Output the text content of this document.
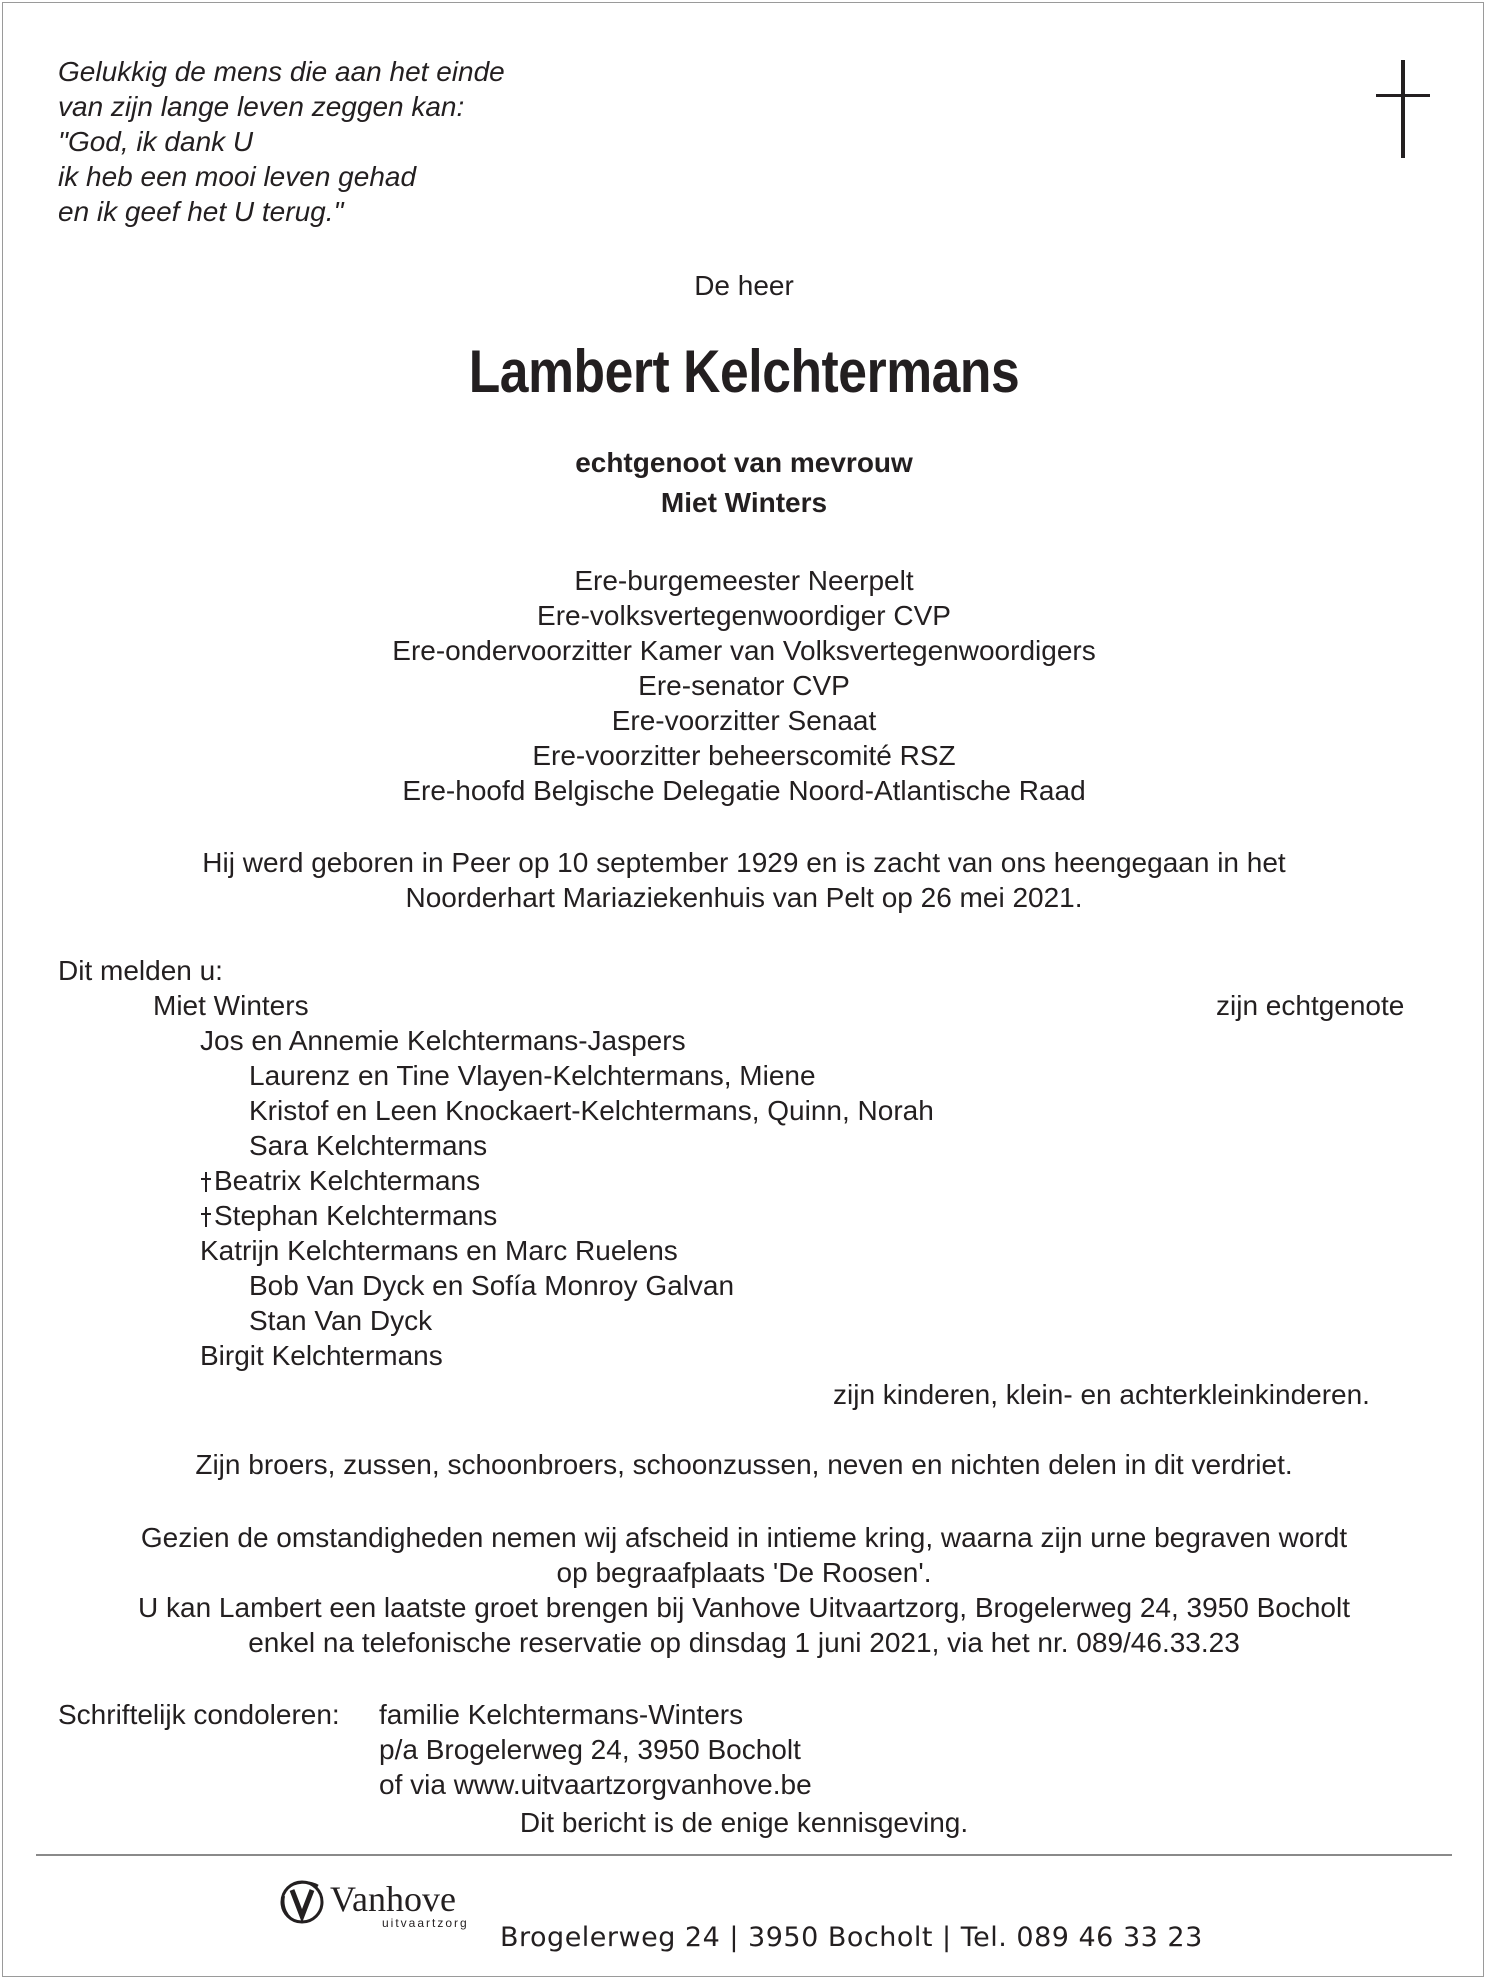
Gelukkig de mens die aan het einde
van zijn lange leven zeggen kan:
"God, ik dank U
ik heb een mooi leven gehad
en ik geef het U terug."
De heer
Lambert Kelchtermans
echtgenoot van mevrouw
Miet Winters
Ere-burgemeester Neerpelt
Ere-volksvertegenwoordiger CVP
Ere-ondervoorzitter Kamer van Volksvertegenwoordigers
Ere-senator CVP
Ere-voorzitter Senaat
Ere-voorzitter beheerscomité RSZ
Ere-hoofd Belgische Delegatie Noord-Atlantische Raad
Hij werd geboren in Peer op 10 september 1929 en is zacht van ons heengegaan in het
Noorderhart Mariaziekenhuis van Pelt op 26 mei 2021.
Dit melden u:
Miet Winters	zijn echtgenote
Jos en Annemie Kelchtermans-Jaspers
Laurenz en Tine Vlayen-Kelchtermans, Miene
Kristof en Leen Knockaert-Kelchtermans, Quinn, Norah
Sara Kelchtermans
Beatrix Kelchtermans
Stephan Kelchtermans
Katrijn Kelchtermans en Marc Ruelens
Bob Van Dyck en Sofía Monroy Galvan
Stan Van Dyck
Birgit Kelchtermans
zijn kinderen, klein- en achterkleinkinderen.
Zijn broers, zussen, schoonbroers, schoonzussen, neven en nichten delen in dit verdriet.
Gezien de omstandigheden nemen wij afscheid in intieme kring, waarna zijn urne begraven wordt
op begraafplaats 'De Roosen'.
U kan Lambert een laatste groet brengen bij Vanhove Uitvaartzorg, Brogelerweg 24, 3950 Bocholt
enkel na telefonische reservatie op dinsdag 1 juni 2021, via het nr. 089/46.33.23
Schriftelijk condoleren: familie Kelchtermans-Winters
p/a Brogelerweg 24, 3950 Bocholt
of via www.uitvaartzorgvanhove.be
Dit bericht is de enige kennisgeving.
Vanhove
uitvaartzorg Brogelerweg 24 | 3950 Bocholt | Tel. 089 46 33 23
